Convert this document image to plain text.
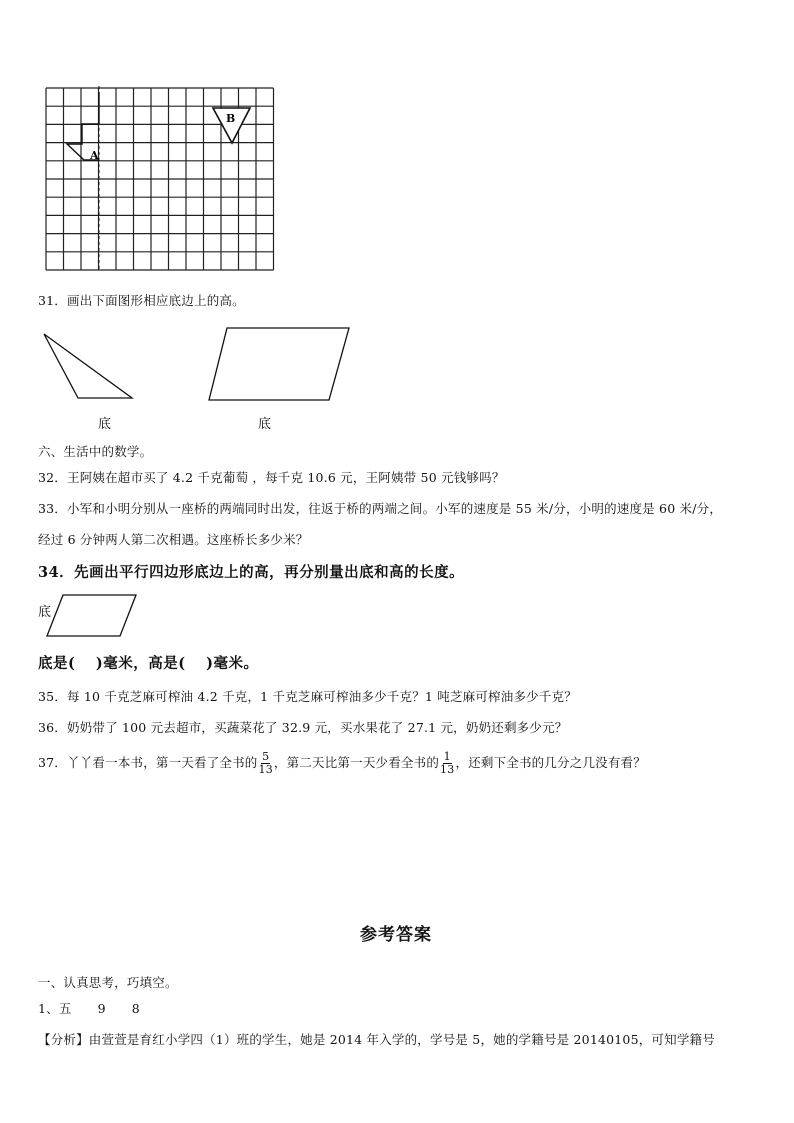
A
B
31．画出下面图形相应底边上的高。
底	底
六、生活中的数学。
32．王阿姨在超市买了 4.2 千克葡萄 ，每千克 10.6 元，王阿姨带 50 元钱够吗？
33．小军和小明分别从一座桥的两端同时出发，往返于桥的两端之间。小军的速度是 55 米/分，小明的速度是 60 米/分，
经过 6 分钟两人第二次相遇。这座桥长多少米？
34．先画出平行四边形底边上的高，再分别量出底和高的长度。
底
底是(　 )毫米，高是(　 )毫米。
35．每 10 千克芝麻可榨油 4.2 千克，1 千克芝麻可榨油多少千克？1 吨芝麻可榨油多少千克？
36．奶奶带了 100 元去超市，买蔬菜花了 32.9 元，买水果花了 27.1 元，奶奶还剩多少元？
37．丫丫看一本书，第一天看了全书的 $\frac{5}{13}$ ，第二天比第一天少看全书的 $\frac{1}{13}$ ，还剩下全书的几分之几没有看？
参考答案
一、认真思考，巧填空。
1、五 9 8
【分析】由萱萱是育红小学四（1）班的学生，她是 2014 年入学的，学号是 5，她的学籍号是 20140105，可知学籍号
